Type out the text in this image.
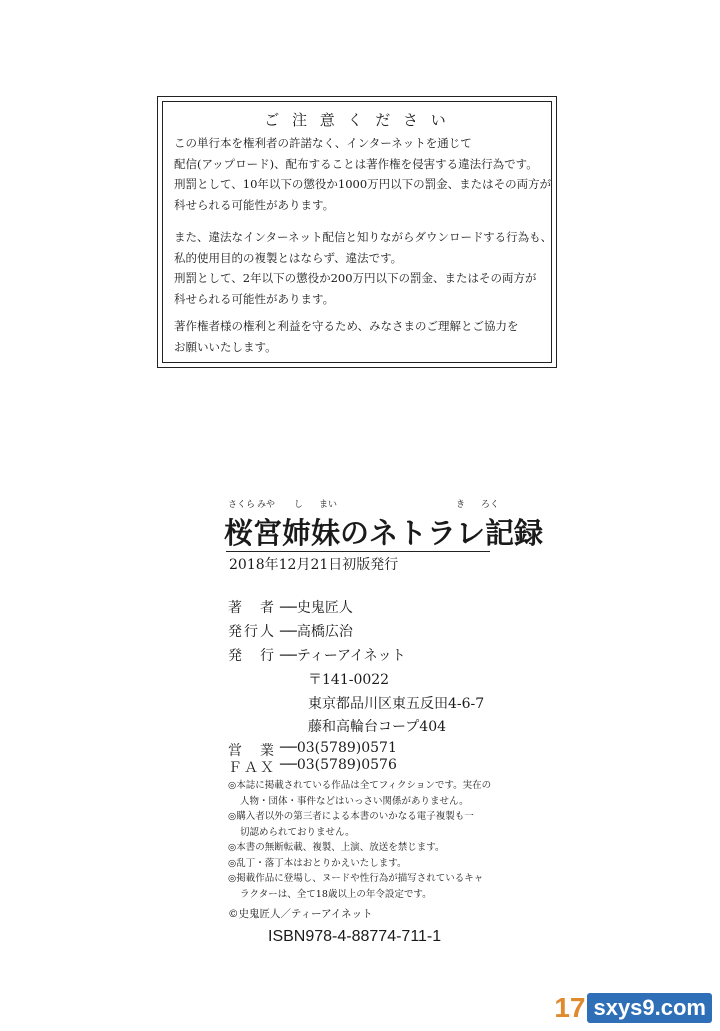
ご 注 意 く だ さ い
この単行本を権利者の許諾なく、インターネットを通じて
配信(アップロード)、配布することは著作権を侵害する違法行為です。
刑罰として、10年以下の懲役か1000万円以下の罰金、またはその両方が
科せられる可能性があります。
また、違法なインターネット配信と知りながらダウンロードする行為も、
私的使用目的の複製とはならず、違法です。
刑罰として、2年以下の懲役か200万円以下の罰金、またはその両方が
科せられる可能性があります。
著作権者様の権利と利益を守るため、みなさまのご理解とご協力を
お願いいたします。
さくら みや し まい	き ろく
桜宮姉妹のネトラレ記録
2018年12月21日初版発行
著　者 ──史鬼匠人
発行人 ──高橋広治
発　行 ──ティーアイネット
〒141-0022
東京都品川区東五反田4-6-7
藤和高輪台コープ404
営　業 ──03(5789)0571
ＦＡＸ ──03(5789)0576
◎本誌に掲載されている作品は全てフィクションです。実在の
人物・団体・事件などはいっさい関係がありません。
◎購入者以外の第三者による本書のいかなる電子複製も一
切認められておりません。
◎本書の無断転載、複製、上演、放送を禁じます。
◎乱丁・落丁本はおとりかえいたします。
◎掲載作品に登場し、ヌードや性行為が描写されているキャ
ラクターは、全て18歳以上の年令設定です。
©史鬼匠人／ティーアイネット
ISBN978-4-88774-711-1
17 sxys9.com
